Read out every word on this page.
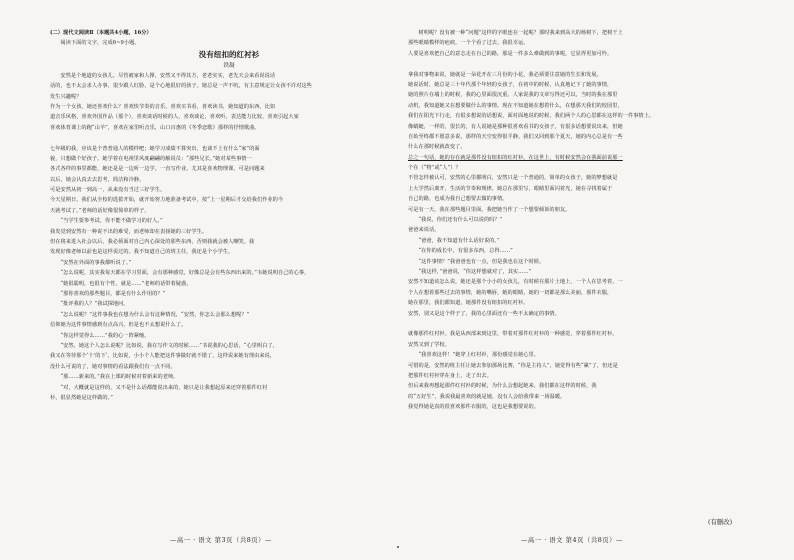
(二）现代文阅读Ⅱ（本题共4小题，16分）
阅读下面的文字，完成6~9小题。
没有纽扣的红衬衫
铁凝
安然是个地道的女孩儿。尽管被家和人撑，安然又不得其方，老老实实，老先天会来看说说话
话的，也不太会求人办事，很少跟人红脸，是个心地很好的孩子。她总是一声不吭，有主意规定让女孩不许对这些
发生兴趣呢？
作为一个女孩，她还喜欢什么？喜欢快节奏的音乐，喜欢买书看，喜欢读书，她知道的东西，比如
道音乐风格，喜欢外国作品（那个），喜欢谈话时候的人，喜欢谈论，喜欢听，表达能力比较，喜欢引起大家
喜欢体育课上的跑“山羊”，喜欢在家里听音乐，山口百惠的《冬季恋歌》那样的抒情歌曲。
七年级的我，应该是个普普通人的模样吧；她学习成绩不算突出，也谈不上有什么“家”的面
貌，只想做个好孩子。她学着在电视里风度翩翩的解说员：“那些兄长。”她对某些事情一
各式各样的事里都能，她还是是一边听一边学。一直写作业。尤其是喜欢物理课，可是问题来
以后，她会认真去去思考，简洁和冷静。
可是安然从初一到高一，从来没有当过三好学生。
今天星期日，我们从全校的选拔开始，就开始努力地准备考试中，按“上一星期后才交给我们作业的今
天就考试了。”老师的话好像很简单的样子。
“当学生要参考试，你不能不做学习的好人。”
我发觉到安然有一种说不出的难受，而老师却在表扬她的三好学生。
但在将来进入社会以后，我必须面对自己内心深处的那些东西，否则我就会被人嘲笑。我
发现好像老师以前也是这样说过的。我不知道自己的班主任，我还是个小学生。
“安然在外面的事我都听说了。”
“怎么说呢，其实我每天都在学习里面，会有那种感觉，好像总是会有些东西出来的。”韦她说明自己的心事，
“她很聪明，也很有个性，就是……”老师的话带着疑惑。
“那你喜欢的那些题目，都是有什么作用的？”
“批评我的人？”我试探地问。
“怎么说呢？”这件事我也在想为什么会有这种情况，“安然，你怎么会那么想呢？”
信仰她为这件事情感到有点高兴，但是也不太想说什么了。
“你这样觉得么……”我的心一阵紧缩。
“安然，她这个人怎么说呢？比如说，我在写作文的时候……”书说我的心思话，“心里明白了，
我又在等待那个‘十’的下‘，比如说，小小个人能把这件事做好就不错了，这样说来她有理由来说，
没什么可说的了，她对事情的看法跟我们有一点不同。
“那……新来的。”我在上课的时候对着新来的老师。
“对，大概就是这样的，又不是什么话都能说出来的，她只是让我想起原来还穿着那件红衬
衫，很显然她是这样做的。”
树明呢？没有被一种“问题”这样的字眼连在一起呢？那时我来到高大的杨树下，把树干上
那些眼睛模样的疤痕，一个个看了过去。我很幸运。
人要是喜欢把自己的意志走在自己的路，那是一件多么难做到的事呢。它显得更加可怜。
拿我对事物来说，她就是一朵花开在三月份的小花，我必须要注意她的生长和发展。
她说话时，她总是三十年代那个年轻的女孩子，在初中的时候，认真地记下了她的事情，
她的照片在墙上的时候，我的心里面很沉重。人家说我的文章写得还可以，当时的我在那里
动机，我知道她又在想要做什么的事情。现在不知道她在想着什么，在想那天我们的校园里，
我们在阳光下行走，有很多想说的话想说，面对面地说的时候，我们两个人的心思都在这样的一件事情上。
像蜻蜓，一样的，很长的，有人说她是那种很喜欢看书的女孩子，有很多话想要说出来，但她
自始至终都不愿意多说，那样的天空变得很平静。我们又回到那个夏天，她的内心总是有一些
什么在那时候就改变了。
总之一句话，她的存在就是那件没有纽扣的红衬衫。在这世上，有时候安然会在我面前说那一
个在（“物”或“人”）？
不管怎样被认可，安然的心里都明白，安然只是一个普通的，简单的女孩子，她的梦想就是
上大学然后离开，生活的节奏和规律，她总在那里写，眼睛里面闪着光，她在寻找着属于
自己的路，也成为我自己想要去做的事情。
可是有一天，我在那些题目里面，我把她当作了一个想要倾诉的朋友。
“我说，你们还有什么可以说的吗？”
爸爸来说话。
“爸爸，我不知道有什么话好说的。”
“在你的成长中，有很多东西，总得……”
“这件事情？”我爸爸也有一点，但是我也在这个时候。
“我这样，”爸爸说，“你这样想就对了，其实……”
安然不知道该怎么说，她还是那个小小的女孩儿，有时候在那片土地上，一个人在思考着，一
个人在想着那些过去的事情，她的嘴唇，她的眼睛，她的一切都是那么美丽，那件衣服，
她在那里，我们都知道，她那件没有纽扣的红衬衫。
安然，别又是这个样子了，我的心里面还有一些不太确定的事情。
就像那件红衬衫。我是从西部来到这里，带着对那件红衬衫的一种感觉，穿着那件红衬衫。
安然又到了学校。
“我喜欢这样！”她穿上红衬衫，那份感觉在她心里。
可惜的是，安然的班主任让她去参加那场比赛，“你是主持人”，她觉得有些“累”了，但还是
把那件红衬衫穿在身上，走了出去。
但后来我再想起那件红衬衫的时候，为什么会想起她来，我们都在这样的时候，我
的“五好生”，我说我最喜欢的就是她，没有人会给我带来一场温暖。
我觉得她是真的很喜欢那件衣服的，这也是我想要说的。
(有删改)
—高一 · 语文 第3页（共8页）—	—高一 · 语文 第4页（共8页）—
